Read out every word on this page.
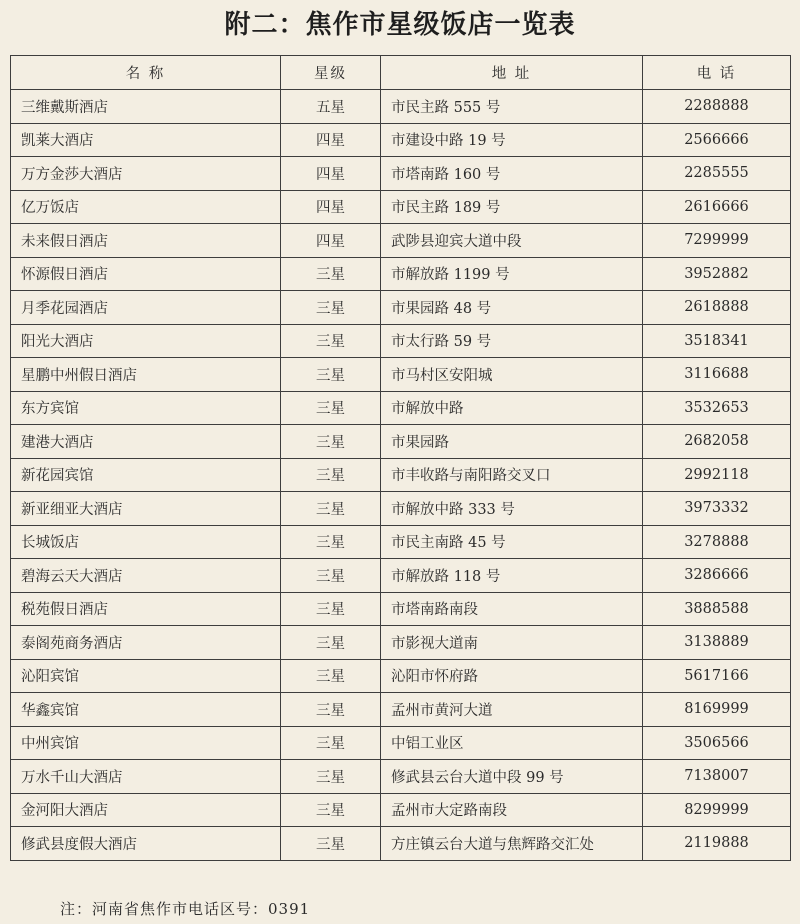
附二：焦作市星级饭店一览表
名 称	星级	地 址	电 话
三维戴斯酒店	五星	市民主路 555 号	2288888
凯莱大酒店	四星	市建设中路 19 号	2566666
万方金莎大酒店	四星	市塔南路 160 号	2285555
亿万饭店	四星	市民主路 189 号	2616666
未来假日酒店	四星	武陟县迎宾大道中段	7299999
怀源假日酒店	三星	市解放路 1199 号	3952882
月季花园酒店	三星	市果园路 48 号	2618888
阳光大酒店	三星	市太行路 59 号	3518341
星鹏中州假日酒店	三星	市马村区安阳城	3116688
东方宾馆	三星	市解放中路	3532653
建港大酒店	三星	市果园路	2682058
新花园宾馆	三星	市丰收路与南阳路交叉口	2992118
新亚细亚大酒店	三星	市解放中路 333 号	3973332
长城饭店	三星	市民主南路 45 号	3278888
碧海云天大酒店	三星	市解放路 118 号	3286666
税苑假日酒店	三星	市塔南路南段	3888588
泰阁苑商务酒店	三星	市影视大道南	3138889
沁阳宾馆	三星	沁阳市怀府路	5617166
华鑫宾馆	三星	孟州市黄河大道	8169999
中州宾馆	三星	中铝工业区	3506566
万水千山大酒店	三星	修武县云台大道中段 99 号	7138007
金河阳大酒店	三星	孟州市大定路南段	8299999
修武县度假大酒店	三星	方庄镇云台大道与焦辉路交汇处	2119888
注：河南省焦作市电话区号：0391
